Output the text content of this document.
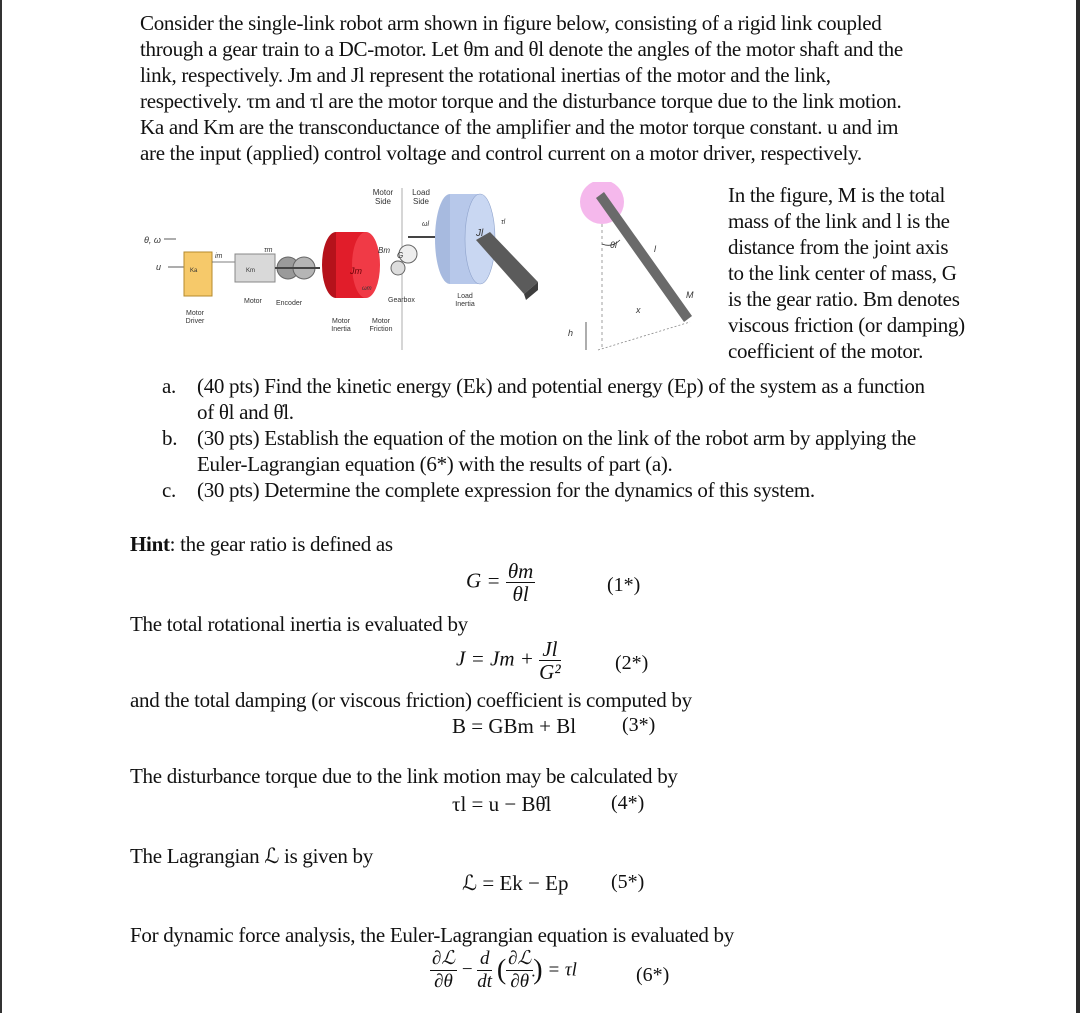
Consider the single-link robot arm shown in figure below, consisting of a rigid link coupled
through a gear train to a DC-motor. Let θm and θl denote the angles of the motor shaft and the
link, respectively. Jm and Jl represent the rotational inertias of the motor and the link,
respectively. τm and τl are the motor torque and the disturbance torque due to the link motion.
Ka and Km are the transconductance of the amplifier and the motor torque constant. u and im
are the input (applied) control voltage and control current on a motor driver, respectively.
Motor Side
Load Side
θ, ω
u	Ka
im
Km
τm
Jm
Bm
G
ωm
ωl
Jl
τl
Motor Encoder	Gearbox
Load Inertia
Motor Driver	Motor Inertia
Motor Friction
θl	l
M
x
h
In the figure, M is the total
mass of the link and l is the
distance from the joint axis
to the link center of mass, G
is the gear ratio. Bm denotes
viscous friction (or damping)
coefficient of the motor.
a. (40 pts) Find the kinetic energy (Ek) and potential energy (Ep) of the system as a function
of θl and θ̇l.
b. (30 pts) Establish the equation of the motion on the link of the robot arm by applying the
Euler-Lagrangian equation (6*) with the results of part (a).
c. (30 pts) Determine the complete expression for the dynamics of this system.
Hint: the gear ratio is defined as
$G = \frac{\theta m}{\theta l}$	(1*)
The total rotational inertia is evaluated by
$J = Jm + \frac{Jl}{\text{G²}}$	(2*)
and the total damping (or viscous friction) coefficient is computed by
B = GBm + Bl (3*)
The disturbance torque due to the link motion may be calculated by
τl = u − Bθ̇l	(4*)
The Lagrangian ℒ is given by
ℒ = Ek − Ep (5*)
For dynamic force analysis, the Euler-Lagrangian equation is evaluated by
$\frac{\text{∂ℒ}}{\partial\theta} - \frac{d}{dt}$ ( $\frac{\text{∂ℒ}}{\partial\thetȧ}$ ) = τl	(6*)
